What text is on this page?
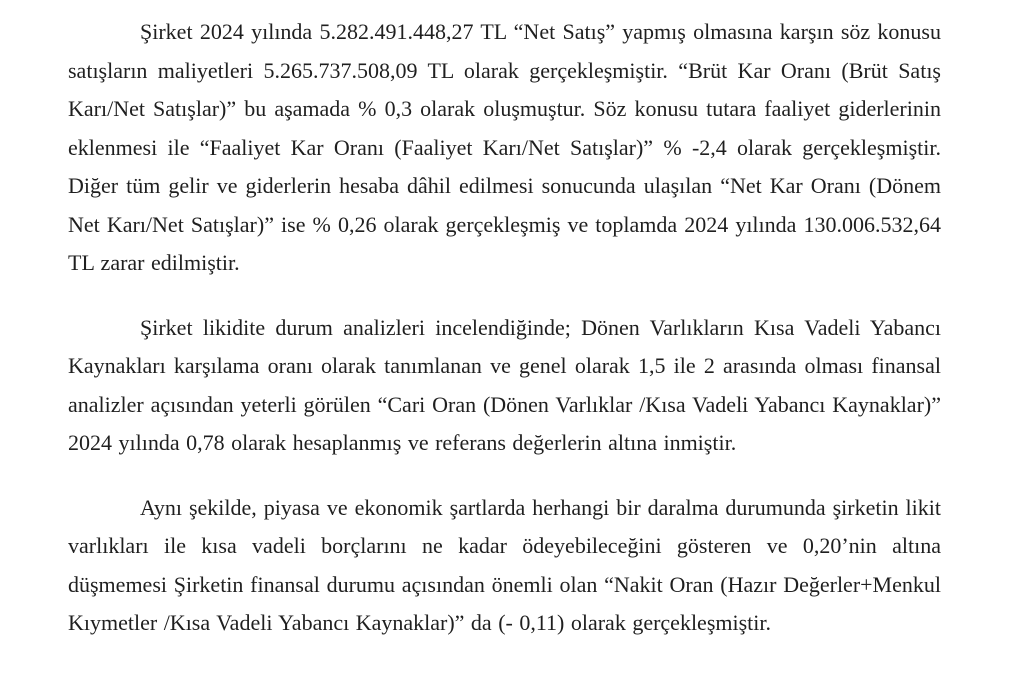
Şirket 2024 yılında 5.282.491.448,27 TL “Net Satış” yapmış olmasına karşın söz konusu satışların maliyetleri 5.265.737.508,09 TL olarak gerçekleşmiştir. “Brüt Kar Oranı (Brüt Satış Karı/Net Satışlar)” bu aşamada % 0,3 olarak oluşmuştur. Söz konusu tutara faaliyet giderlerinin eklenmesi ile “Faaliyet Kar Oranı (Faaliyet Karı/Net Satışlar)” % -2,4 olarak gerçekleşmiştir. Diğer tüm gelir ve giderlerin hesaba dâhil edilmesi sonucunda ulaşılan “Net Kar Oranı (Dönem Net Karı/Net Satışlar)” ise % 0,26 olarak gerçekleşmiş ve toplamda 2024 yılında 130.006.532,64 TL zarar edilmiştir.

Şirket likidite durum analizleri incelendiğinde; Dönen Varlıkların Kısa Vadeli Yabancı Kaynakları karşılama oranı olarak tanımlanan ve genel olarak 1,5 ile 2 arasında olması finansal analizler açısından yeterli görülen “Cari Oran (Dönen Varlıklar /Kısa Vadeli Yabancı Kaynaklar)” 2024 yılında 0,78 olarak hesaplanmış ve referans değerlerin altına inmiştir.

Aynı şekilde, piyasa ve ekonomik şartlarda herhangi bir daralma durumunda şirketin likit varlıkları ile kısa vadeli borçlarını ne kadar ödeyebileceğini gösteren ve 0,20’nin altına düşmemesi Şirketin finansal durumu açısından önemli olan “Nakit Oran (Hazır Değerler+Menkul Kıymetler /Kısa Vadeli Yabancı Kaynaklar)” da (- 0,11) olarak gerçekleşmiştir.
